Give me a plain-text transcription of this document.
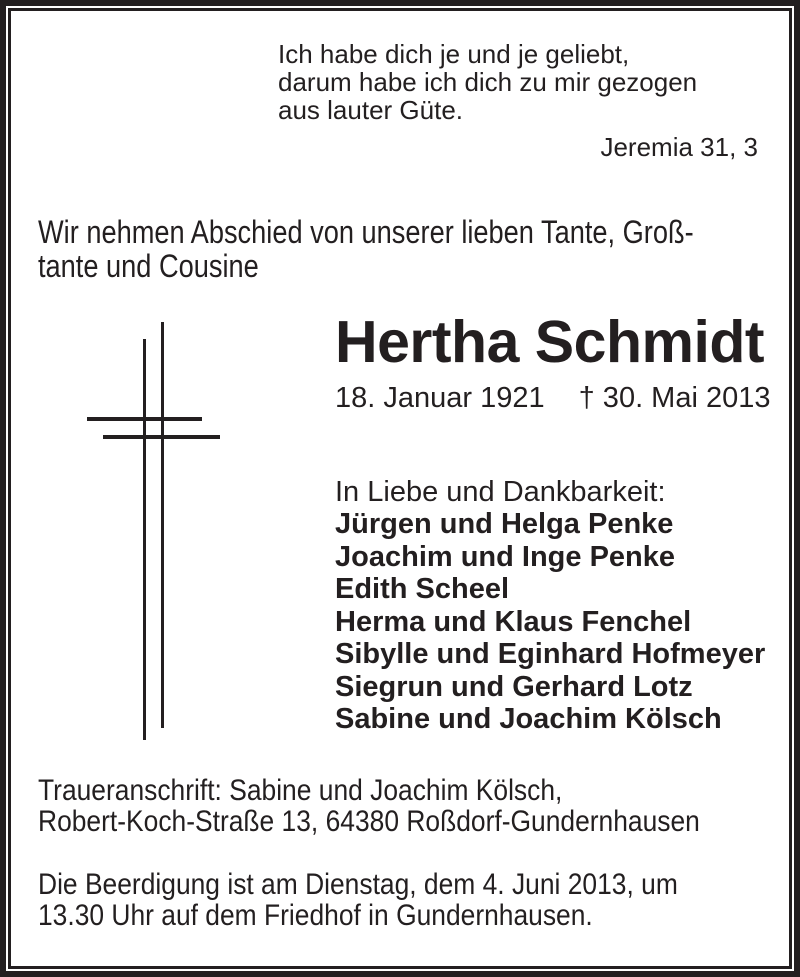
Ich habe dich je und je geliebt,
darum habe ich dich zu mir gezogen
aus lauter Güte.
Jeremia 31, 3
Wir nehmen Abschied von unserer lieben Tante, Groß-
tante und Cousine
Hertha Schmidt
18. Januar 1921 † 30. Mai 2013
In Liebe und Dankbarkeit:
Jürgen und Helga Penke
Joachim und Inge Penke
Edith Scheel
Herma und Klaus Fenchel
Sibylle und Eginhard Hofmeyer
Siegrun und Gerhard Lotz
Sabine und Joachim Kölsch
Traueranschrift: Sabine und Joachim Kölsch,
Robert-Koch-Straße 13, 64380 Roßdorf-Gundernhausen
Die Beerdigung ist am Dienstag, dem 4. Juni 2013, um
13.30 Uhr auf dem Friedhof in Gundernhausen.
